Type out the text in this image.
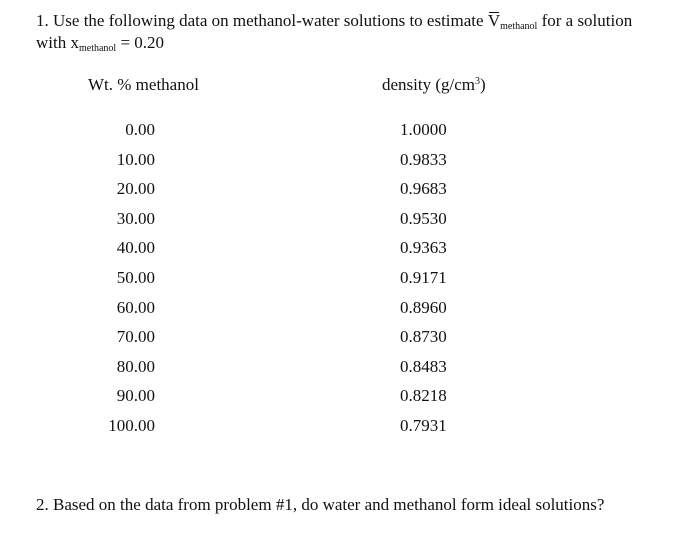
1. Use the following data on methanol-water solutions to estimate $V_{methanol}$ for a solution
with $x_{methanol} = 0.20$
Wt. % methanol	density $(g/cm^3)$
0.00	1.0000
10.00	0.9833
20.00	0.9683
30.00	0.9530
40.00	0.9363
50.00	0.9171
60.00	0.8960
70.00	0.8730
80.00	0.8483
90.00	0.8218
100.00	0.7931
2. Based on the data from problem #1, do water and methanol form ideal solutions?
